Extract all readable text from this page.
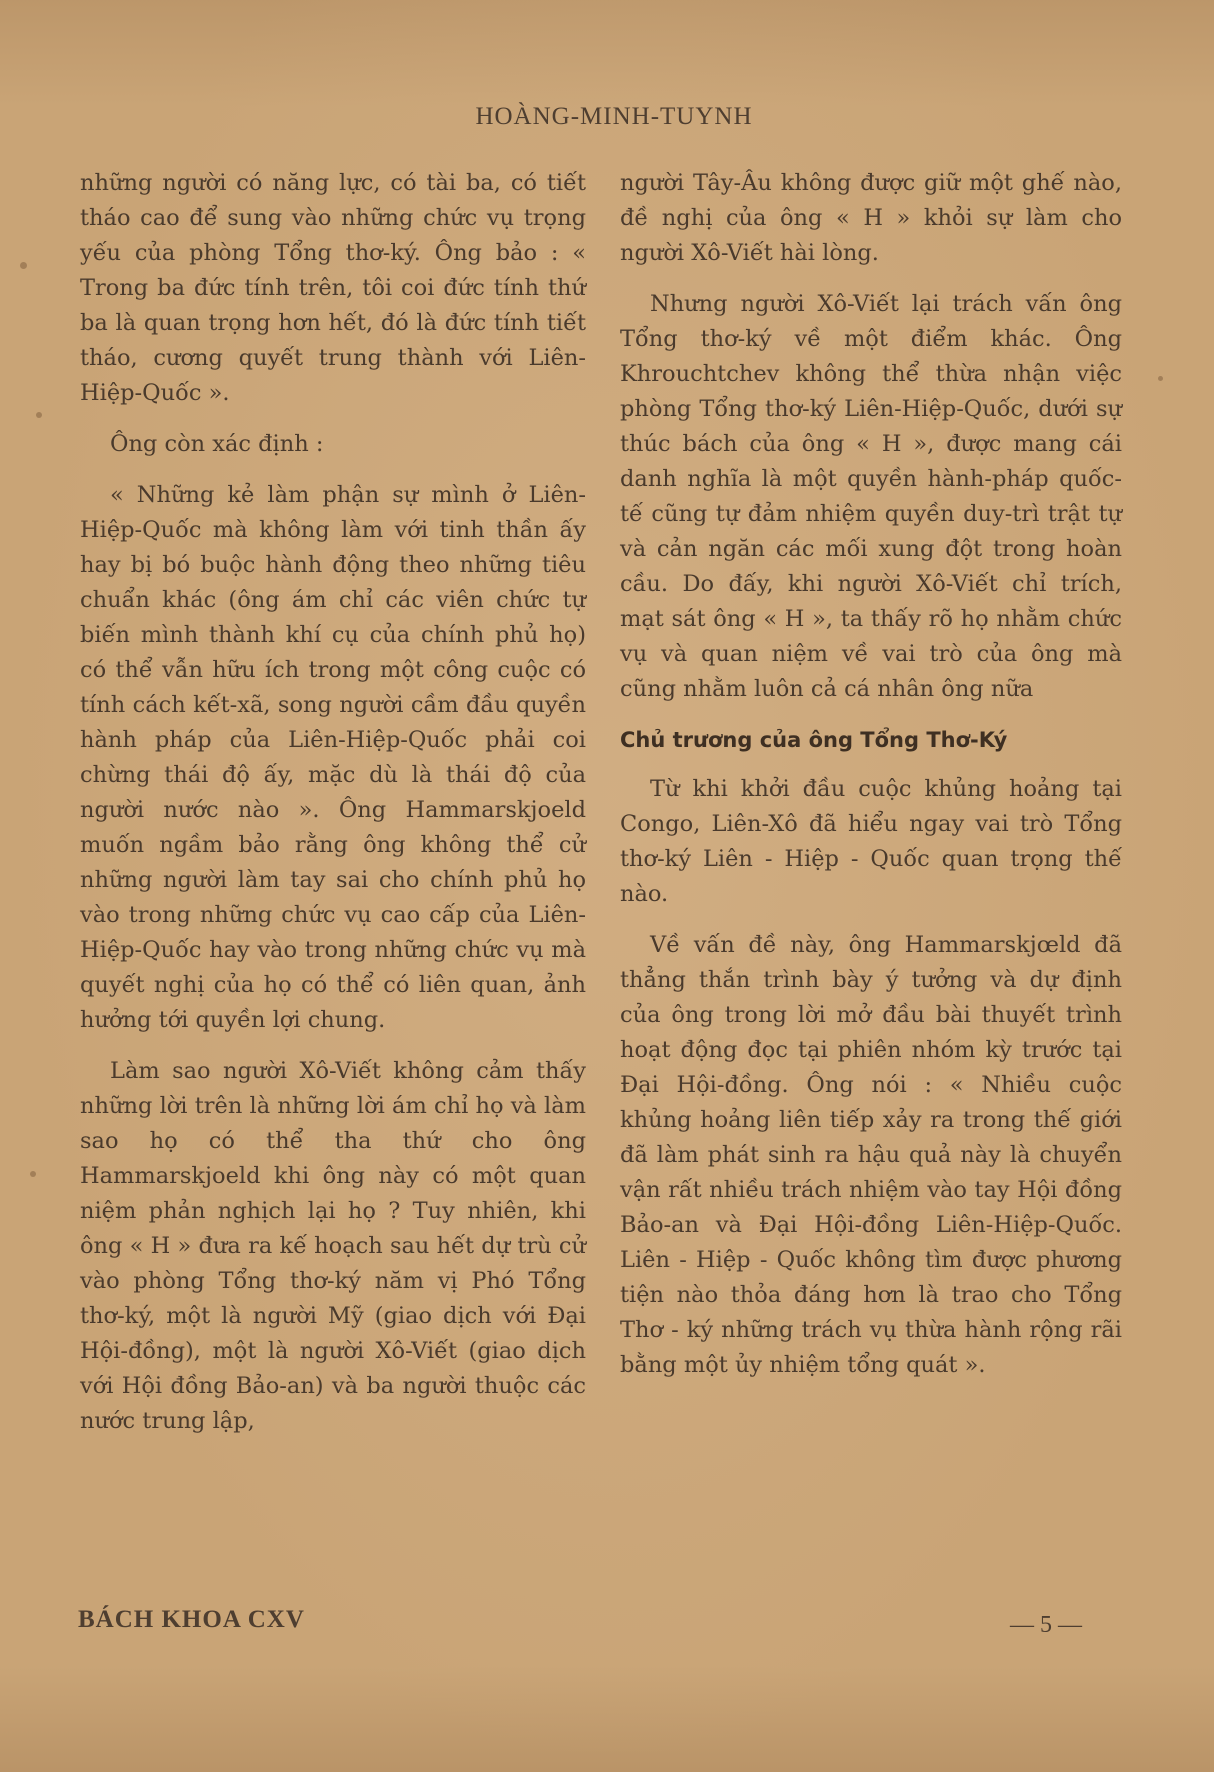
HOÀNG-MINH-TUYNH

những người có năng lực, có tài ba, có tiết tháo cao để sung vào những chức vụ trọng yếu của phòng Tổng thơ-ký. Ông bảo : « Trong ba đức tính trên, tôi coi đức tính thứ ba là quan trọng hơn hết, đó là đức tính tiết tháo, cương quyết trung thành với Liên-Hiệp-Quốc ».

Ông còn xác định :

« Những kẻ làm phận sự mình ở Liên-Hiệp-Quốc mà không làm với tinh thần ấy hay bị bó buộc hành động theo những tiêu chuẩn khác (ông ám chỉ các viên chức tự biến mình thành khí cụ của chính phủ họ) có thể vẫn hữu ích trong một công cuộc có tính cách kết-xã, song người cầm đầu quyền hành pháp của Liên-Hiệp-Quốc phải coi chừng thái độ ấy, mặc dù là thái độ của người nước nào ». Ông Hammarskjoeld muốn ngầm bảo rằng ông không thể cử những người làm tay sai cho chính phủ họ vào trong những chức vụ cao cấp của Liên-Hiệp-Quốc hay vào trong những chức vụ mà quyết nghị của họ có thể có liên quan, ảnh hưởng tới quyền lợi chung.

Làm sao người Xô-Viết không cảm thấy những lời trên là những lời ám chỉ họ và làm sao họ có thể tha thứ cho ông Hammarskjoeld khi ông này có một quan niệm phản nghịch lại họ ? Tuy nhiên, khi ông « H » đưa ra kế hoạch sau hết dự trù cử vào phòng Tổng thơ-ký năm vị Phó Tổng thơ-ký, một là người Mỹ (giao dịch với Đại Hội-đồng), một là người Xô-Viết (giao dịch với Hội đồng Bảo-an) và ba người thuộc các nước trung lập,

người Tây-Âu không được giữ một ghế nào, đề nghị của ông « H » khỏi sự làm cho người Xô-Viết hài lòng.

Nhưng người Xô-Viết lại trách vấn ông Tổng thơ-ký về một điểm khác. Ông Khrouchtchev không thể thừa nhận việc phòng Tổng thơ-ký Liên-Hiệp-Quốc, dưới sự thúc bách của ông « H », được mang cái danh nghĩa là một quyền hành-pháp quốc-tế cũng tự đảm nhiệm quyền duy-trì trật tự và cản ngăn các mối xung đột trong hoàn cầu. Do đấy, khi người Xô-Viết chỉ trích, mạt sát ông « H », ta thấy rõ họ nhằm chức vụ và quan niệm về vai trò của ông mà cũng nhằm luôn cả cá nhân ông nữa

Chủ trương của ông Tổng Thơ-Ký

Từ khi khởi đầu cuộc khủng hoảng tại Congo, Liên-Xô đã hiểu ngay vai trò Tổng thơ-ký Liên - Hiệp - Quốc quan trọng thế nào.

Về vấn đề này, ông Hammarskjœld đã thẳng thắn trình bày ý tưởng và dự định của ông trong lời mở đầu bài thuyết trình hoạt động đọc tại phiên nhóm kỳ trước tại Đại Hội-đồng. Ông nói : « Nhiều cuộc khủng hoảng liên tiếp xảy ra trong thế giới đã làm phát sinh ra hậu quả này là chuyển vận rất nhiều trách nhiệm vào tay Hội đồng Bảo-an và Đại Hội-đồng Liên-Hiệp-Quốc. Liên - Hiệp - Quốc không tìm được phương tiện nào thỏa đáng hơn là trao cho Tổng Thơ - ký những trách vụ thừa hành rộng rãi bằng một ủy nhiệm tổng quát ».

BÁCH KHOA CXV	— 5 —
